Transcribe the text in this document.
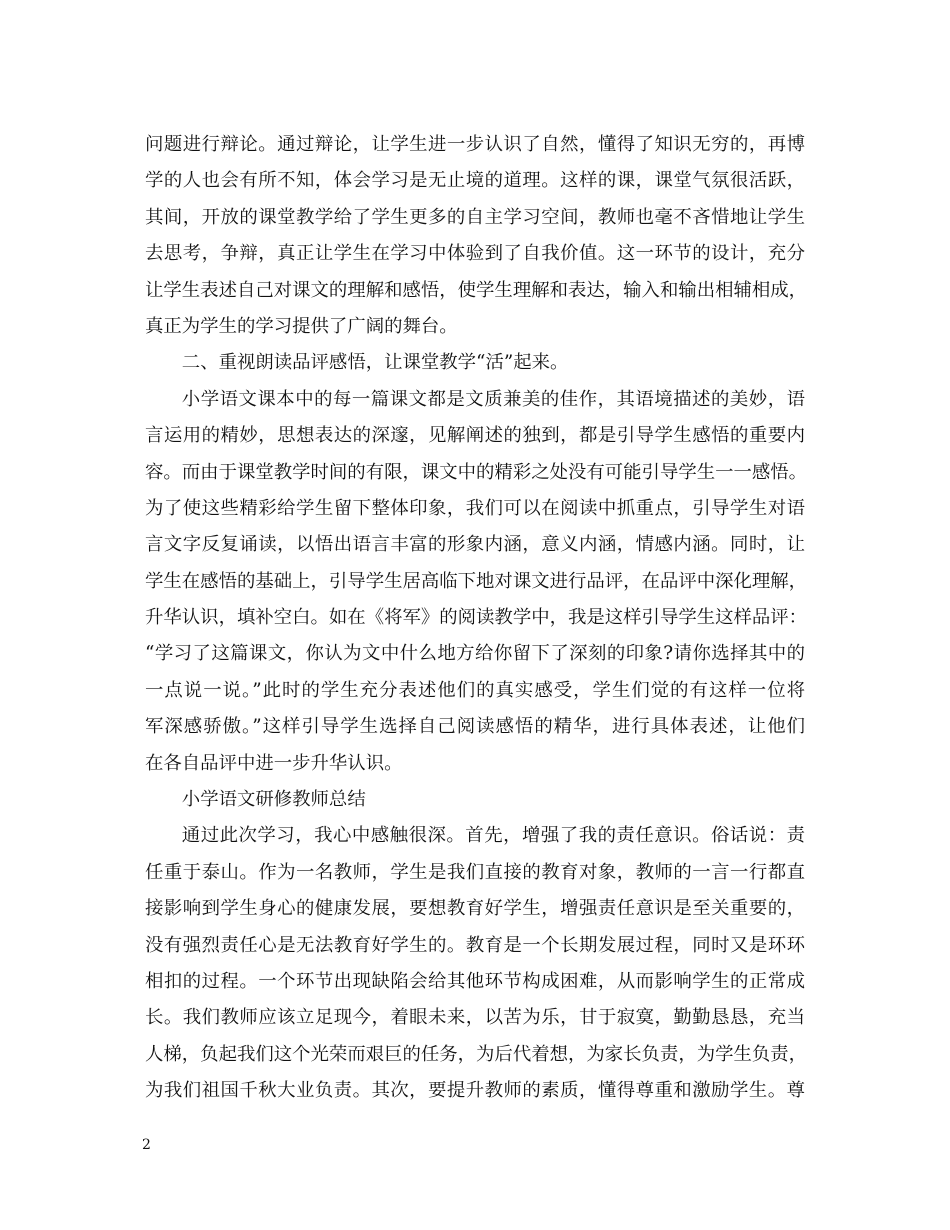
问题进行辩论。通过辩论，让学生进一步认识了自然，懂得了知识无穷的，再博
学的人也会有所不知，体会学习是无止境的道理。这样的课，课堂气氛很活跃，
其间，开放的课堂教学给了学生更多的自主学习空间，教师也毫不吝惜地让学生
去思考，争辩，真正让学生在学习中体验到了自我价值。这一环节的设计，充分
让学生表述自己对课文的理解和感悟，使学生理解和表达，输入和输出相辅相成，
真正为学生的学习提供了广阔的舞台。
二、重视朗读品评感悟，让课堂教学“活”起来。
小学语文课本中的每一篇课文都是文质兼美的佳作，其语境描述的美妙，语
言运用的精妙，思想表达的深邃，见解阐述的独到，都是引导学生感悟的重要内
容。而由于课堂教学时间的有限，课文中的精彩之处没有可能引导学生一一感悟。
为了使这些精彩给学生留下整体印象，我们可以在阅读中抓重点，引导学生对语
言文字反复诵读，以悟出语言丰富的形象内涵，意义内涵，情感内涵。同时，让
学生在感悟的基础上，引导学生居高临下地对课文进行品评，在品评中深化理解，
升华认识，填补空白。如在《将军》的阅读教学中，我是这样引导学生这样品评：
“学习了这篇课文，你认为文中什么地方给你留下了深刻的印象?请你选择其中的
一点说一说。”此时的学生充分表述他们的真实感受，学生们觉的有这样一位将
军深感骄傲。”这样引导学生选择自己阅读感悟的精华，进行具体表述，让他们
在各自品评中进一步升华认识。
小学语文研修教师总结
通过此次学习，我心中感触很深。首先，增强了我的责任意识。俗话说：责
任重于泰山。作为一名教师，学生是我们直接的教育对象，教师的一言一行都直
接影响到学生身心的健康发展，要想教育好学生，增强责任意识是至关重要的，
没有强烈责任心是无法教育好学生的。教育是一个长期发展过程，同时又是环环
相扣的过程。一个环节出现缺陷会给其他环节构成困难，从而影响学生的正常成
长。我们教师应该立足现今，着眼未来，以苦为乐，甘于寂寞，勤勤恳恳，充当
人梯，负起我们这个光荣而艰巨的任务，为后代着想，为家长负责，为学生负责，
为我们祖国千秋大业负责。其次，要提升教师的素质，懂得尊重和激励学生。尊
2
